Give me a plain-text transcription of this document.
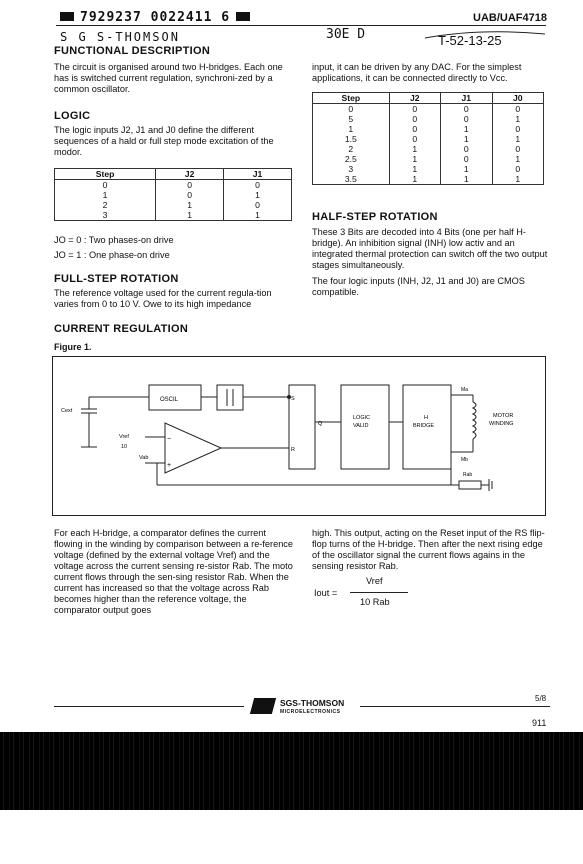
7929237 0022411 6	UAB/UAF4718
S G S-THOMSON	30E D	T-52-13-25
FUNCTIONAL DESCRIPTION
The circuit is organised around two H-bridges. Each one has is switched current regulation, synchroni-zed by a common oscillator.
LOGIC
The logic inputs J2, J1 and J0 define the different sequences of a hald or full step mode excitation of the modor.
Step	J2	J1
0	0	0
1	0	1
2	1	0
3	1	1
JO = 0 : Two phases-on drive
JO = 1 : One phase-on drive
FULL-STEP ROTATION
The reference voltage used for the current regula-tion varies from 0 to 10 V. Owe to its high impedance
input, it can be driven by any DAC. For the simplest applications, it can be connected directly to Vcc.
Step	J2	J1	J0
0	0	0	0
5	0	0	1
1	0	1	0
1.5	0	1	1
2	1	0	0
2.5	1	0	1
3	1	1	0
3.5	1	1	1
HALF-STEP ROTATION
These 3 Bits are decoded into 4 Bits (one per half H-bridge). An inhibition signal (INH) low activ and an integrated thermal protection can switch off the two output stages simultaneously.
The four logic inputs (INH, J2, J1 and J0) are CMOS compatible.
CURRENT REGULATION
Figure 1.
OSCIL
Cext
Vref
10
Vab
−
+
S
Q
R
LOGIC
VALID
H
BRIDGE
Ma
Mb
MOTOR
WINDING
Rab
For each H-bridge, a comparator defines the current flowing in the winding by comparison between a re-ference voltage (defined by the external voltage Vref) and the voltage across the current sensing re-sistor Rab. The moto current flows through the sen-sing resistor Rab. When the current has increased so that the voltage across Rab becomes higher than the reference voltage, the comparator output goes
high. This output, acting on the Reset input of the RS flip-flop turns of the H-bridge. Then after the next rising edge of the oscillator signal the current flows agains in the sensing resistor Rab.
Iout =
Vref
10 Rab
SGS-THOMSON
MICROELECTRONICS
5/8
911
